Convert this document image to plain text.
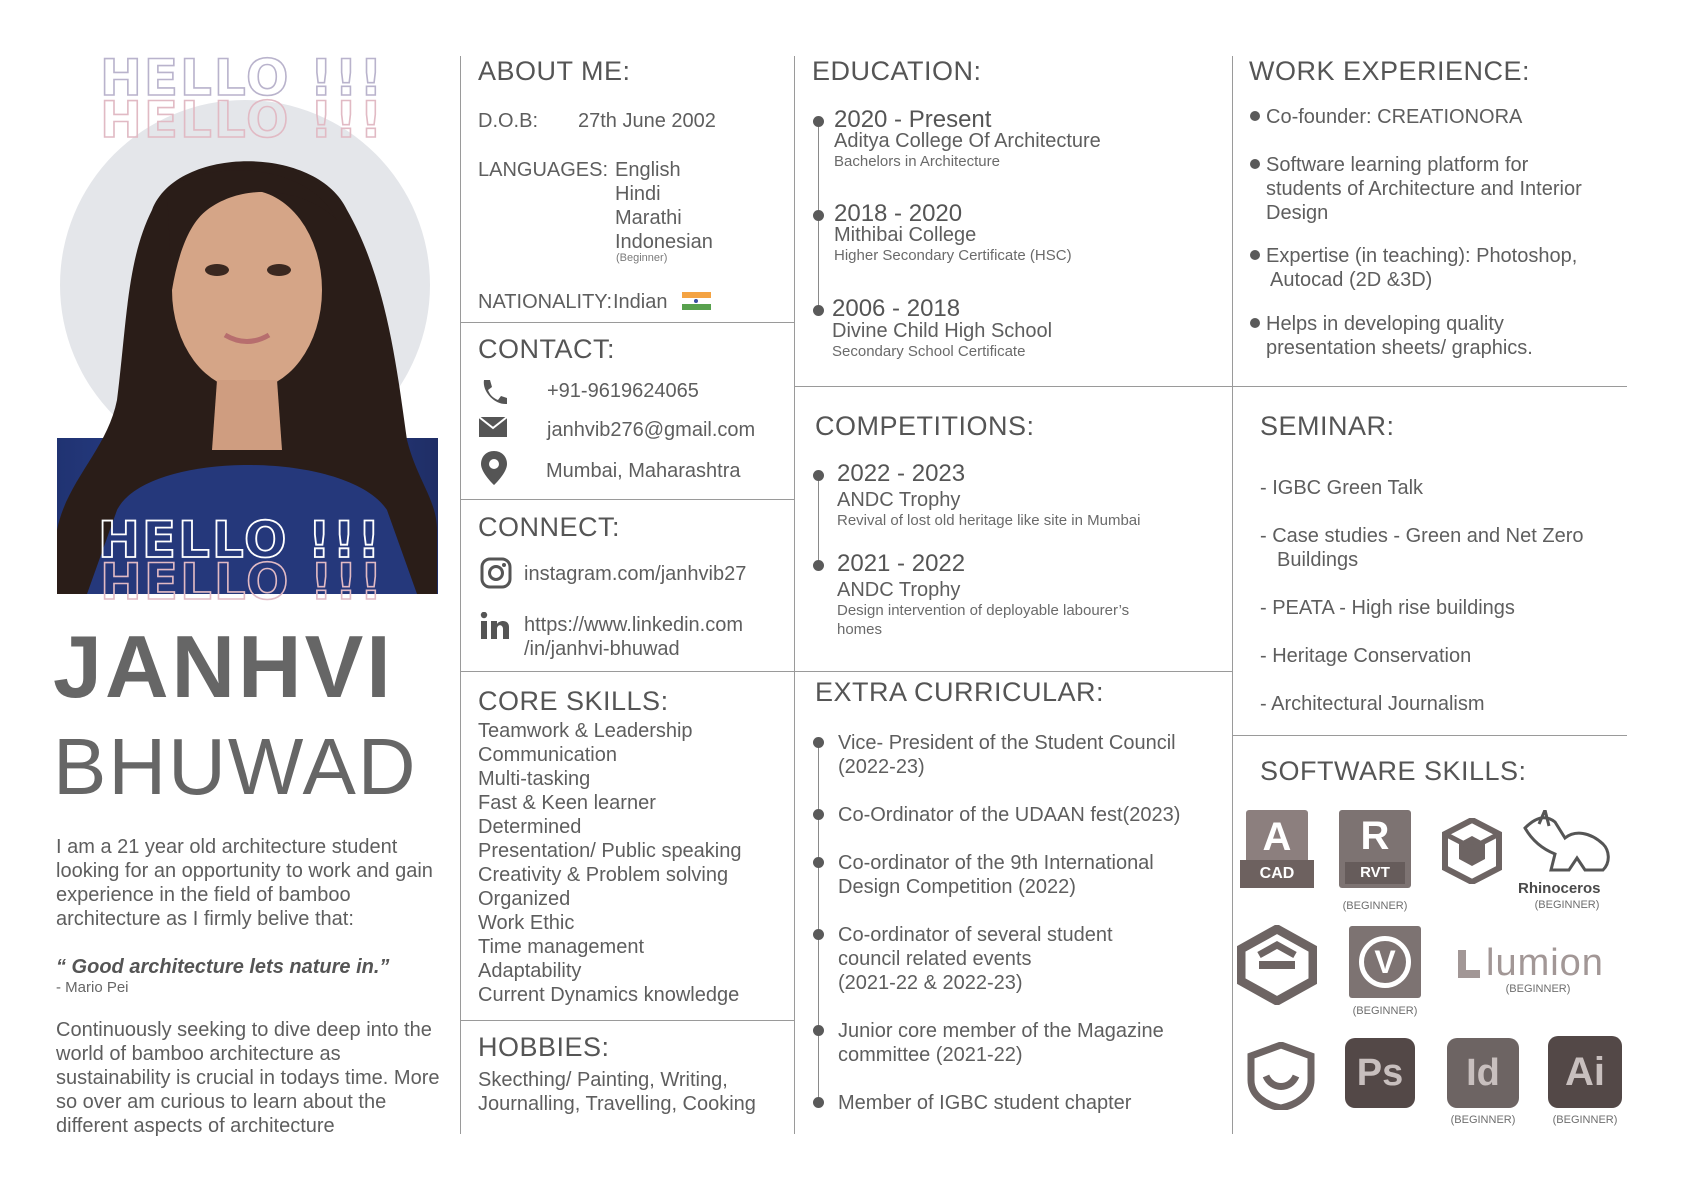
HELLO !!!
HELLO !!!
HELLO !!!
HELLO !!!
JANHVI
BHUWAD
I am a 21 year old architecture student looking for an opportunity to work and gain experience in the field of bamboo architecture as I firmly belive that:
“ Good architecture lets nature in.”
- Mario Pei
Continuously seeking to dive deep into the world of bamboo architecture as sustainability is crucial in todays time. More so over am curious to learn about the different aspects of architecture
ABOUT ME:
D.O.B: 27th June 2002
LANGUAGES: English
Hindi
Marathi
Indonesian
(Beginner)
NATIONALITY: Indian
CONTACT:
+91-9619624065
janhvib276@gmail.com
Mumbai, Maharashtra
CONNECT:
instagram.com/janhvib27
https://www.linkedin.com
/in/janhvi-bhuwad
CORE SKILLS:
Teamwork & Leadership
Communication
Multi-tasking
Fast & Keen learner
Determined
Presentation/ Public speaking
Creativity & Problem solving
Organized
Work Ethic
Time management
Adaptability
Current Dynamics knowledge
HOBBIES:
Skecthing/ Painting, Writing,
Journalling, Travelling, Cooking
EDUCATION:
2020 - Present
Aditya College Of Architecture
Bachelors in Architecture
2018 - 2020
Mithibai College
Higher Secondary Certificate (HSC)
2006 - 2018
Divine Child High School
Secondary School Certificate
COMPETITIONS:
2022 - 2023
ANDC Trophy
Revival of lost old heritage like site in Mumbai
2021 - 2022
ANDC Trophy
Design intervention of deployable labourer’s
homes
EXTRA CURRICULAR:
Vice- President of the Student Council
(2022-23)
Co-Ordinator of the UDAAN fest(2023)
Co-ordinator of the 9th International
Design Competition (2022)
Co-ordinator of several student
council related events
(2021-22 & 2022-23)
Junior core member of the Magazine
committee (2021-22)
Member of IGBC student chapter
WORK EXPERIENCE:
Co-founder: CREATIONORA
Software learning platform for
students of Architecture and Interior
Design
Expertise (in teaching): Photoshop,
Autocad (2D &3D)
Helps in developing quality
presentation sheets/ graphics.
SEMINAR:
- IGBC Green Talk
- Case studies - Green and Net Zero
Buildings
- PEATA - High rise buildings
- Heritage Conservation
- Architectural Journalism
SOFTWARE SKILLS:
A
CAD
R
RVT
(BEGINNER)
Rhinoceros
(BEGINNER)
V
(BEGINNER)
lumion
(BEGINNER)
Ps	Id
(BEGINNER)
Ai
(BEGINNER)
